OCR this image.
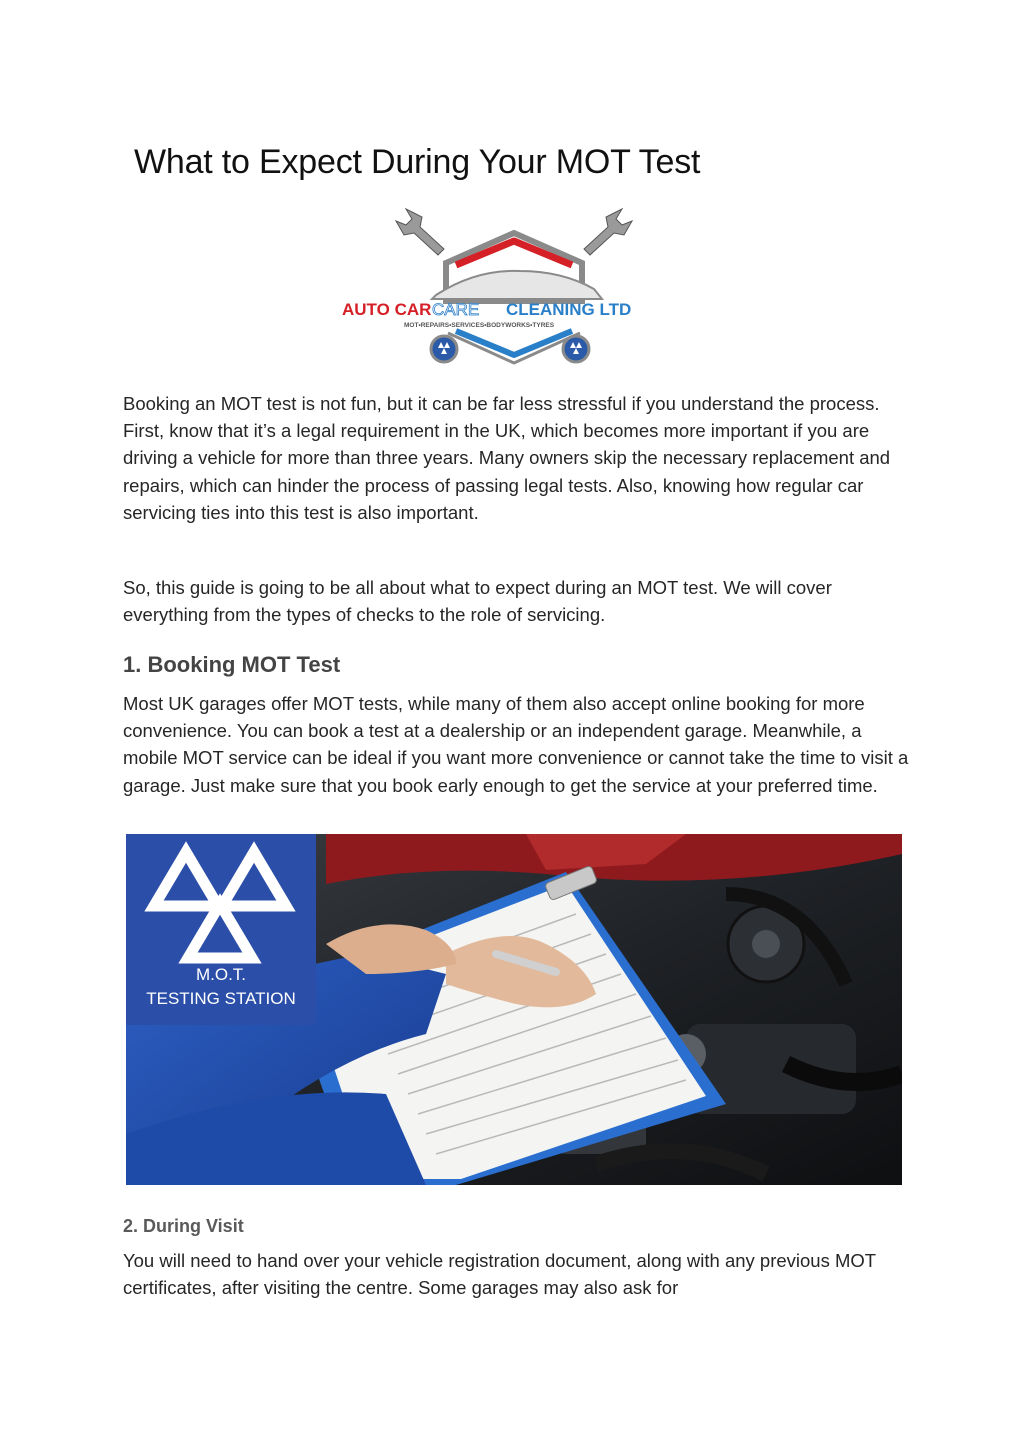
What to Expect During Your MOT Test
AUTO CAR CARE CLEANING LTD
MOT•REPAIRS•SERVICES•BODYWORKS•TYRES

Booking an MOT test is not fun, but it can be far less stressful if you understand the process. First, know that it’s a legal requirement in the UK, which becomes more important if you are driving a vehicle for more than three years. Many owners skip the necessary replacement and repairs, which can hinder the process of passing legal tests. Also, knowing how regular car servicing ties into this test is also important.

So, this guide is going to be all about what to expect during an MOT test. We will cover everything from the types of checks to the role of servicing.

1. Booking MOT Test

Most UK garages offer MOT tests, while many of them also accept online booking for more convenience. You can book a test at a dealership or an independent garage. Meanwhile, a mobile MOT service can be ideal if you want more convenience or cannot take the time to visit a garage. Just make sure that you book early enough to get the service at your preferred time.

M.O.T.
TESTING STATION
2. During Visit

You will need to hand over your vehicle registration document, along with any previous MOT certificates, after visiting the centre. Some garages may also ask for
